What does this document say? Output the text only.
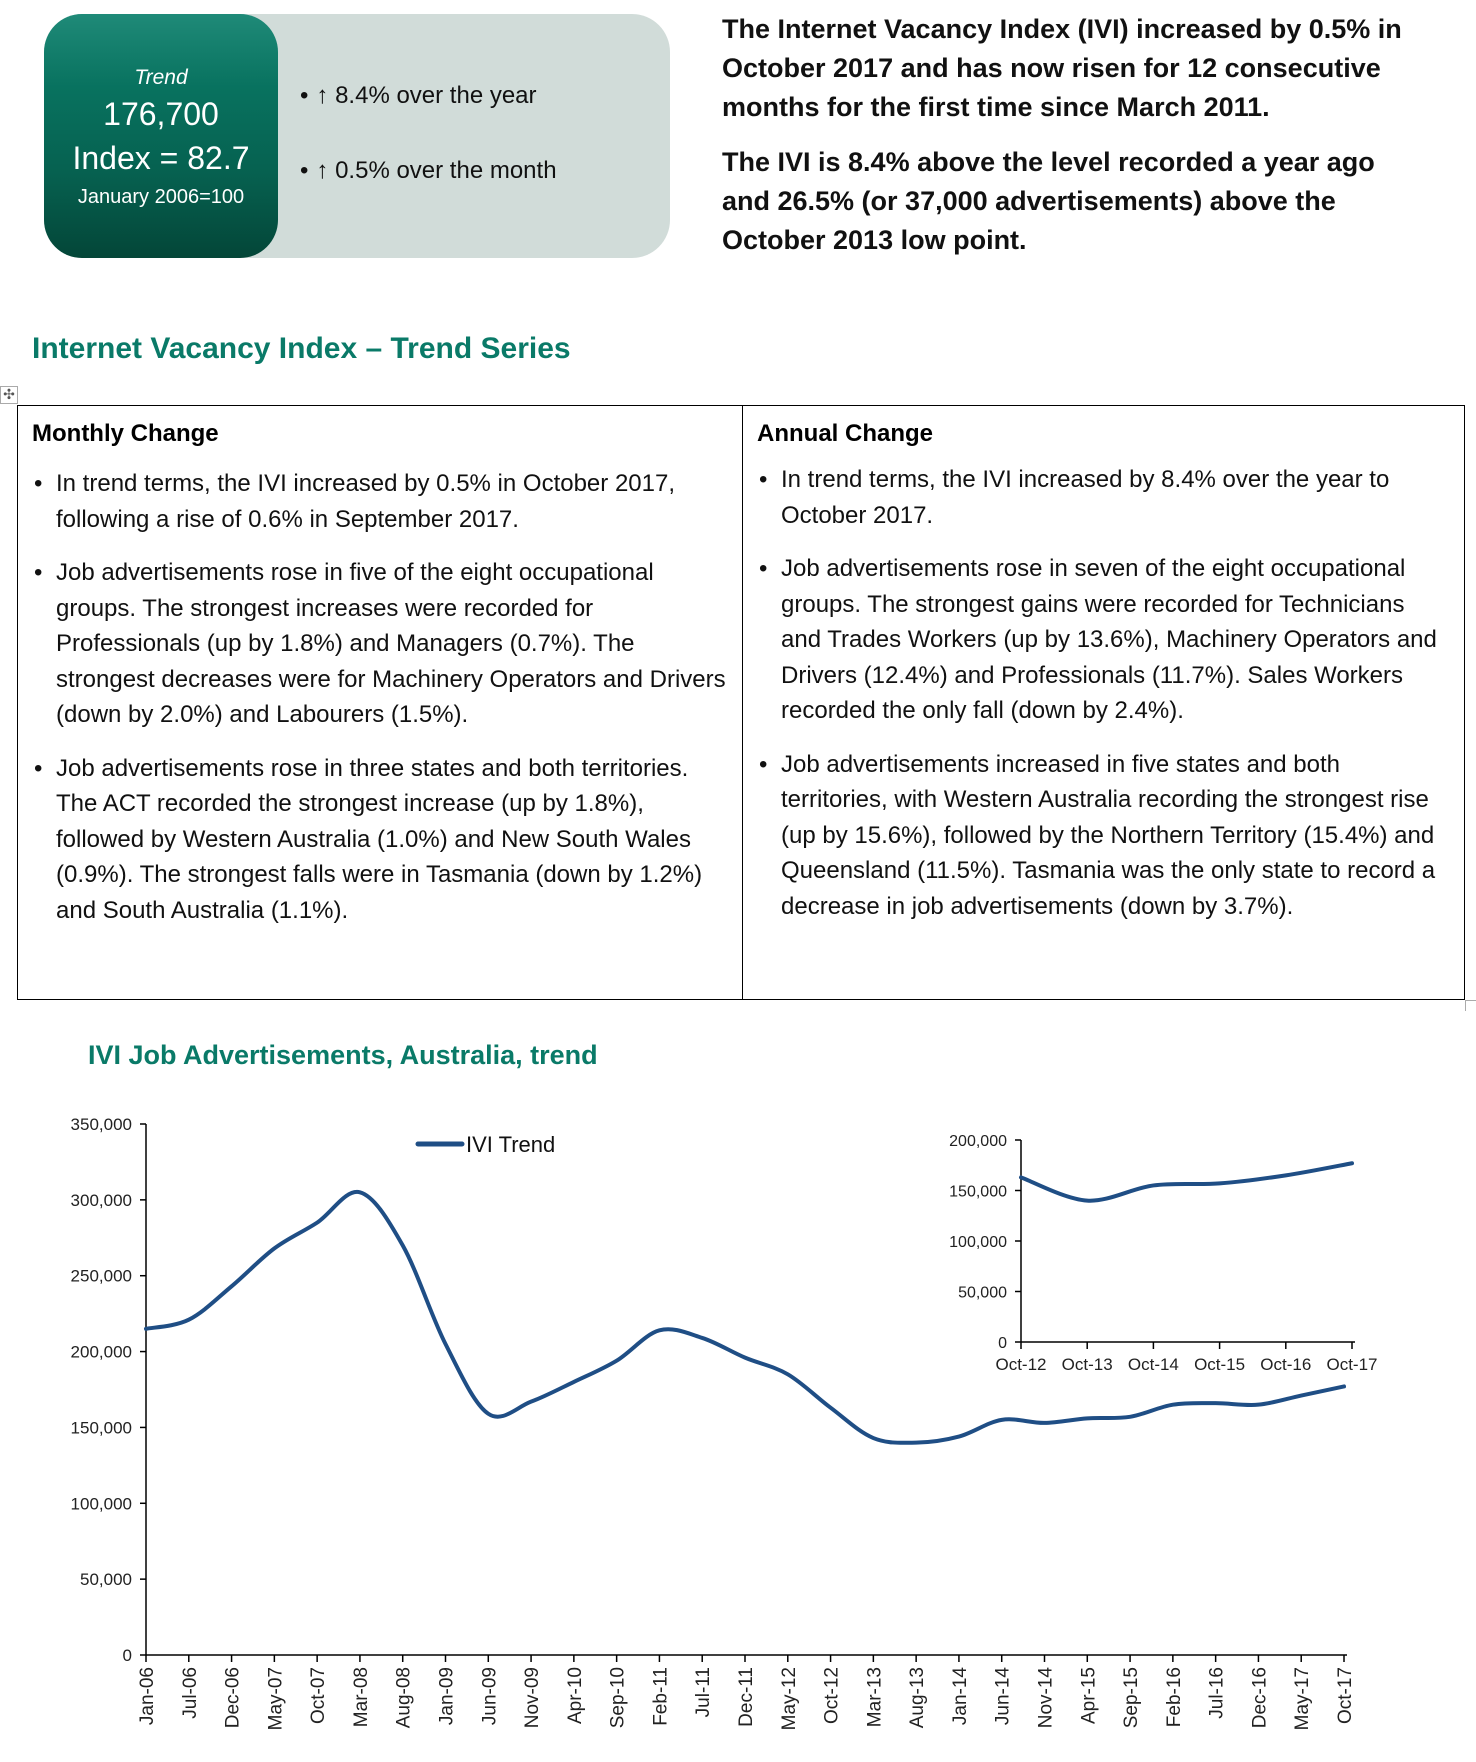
Trend
176,700
Index = 82.7
January 2006=100
• ↑ 8.4% over the year
• ↑ 0.5% over the month

The Internet Vacancy Index (IVI) increased by 0.5% in October 2017 and has now risen for 12 consecutive months for the first time since March 2011.

The IVI is 8.4% above the level recorded a year ago and 26.5% (or 37,000 advertisements) above the October 2013 low point.

Internet Vacancy Index – Trend Series
✣
Monthly Change
• In trend terms, the IVI increased by 0.5% in October 2017, following a rise of 0.6% in September 2017.
• Job advertisements rose in five of the eight occupational groups. The strongest increases were recorded for Professionals (up by 1.8%) and Managers (0.7%). The strongest decreases were for Machinery Operators and Drivers (down by 2.0%) and Labourers (1.5%).
• Job advertisements rose in three states and both territories. The ACT recorded the strongest increase (up by 1.8%), followed by Western Australia (1.0%) and New South Wales (0.9%). The strongest falls were in Tasmania (down by 1.2%) and South Australia (1.1%).
Annual Change
• In trend terms, the IVI increased by 8.4% over the year to October 2017.
• Job advertisements rose in seven of the eight occupational groups. The strongest gains were recorded for Technicians and Trades Workers (up by 13.6%), Machinery Operators and Drivers (12.4%) and Professionals (11.7%). Sales Workers recorded the only fall (down by 2.4%).
• Job advertisements increased in five states and both territories, with Western Australia recording the strongest rise (up by 15.6%), followed by the Northern Territory (15.4%) and Queensland (11.5%). Tasmania was the only state to record a decrease in job advertisements (down by 3.7%).
IVI Job Advertisements, Australia, trend
0
50,000
100,000
150,000
200,000
250,000
300,000
350,000
Jan-06 Jul-06 Dec-06 May-07 Oct-07 Mar-08 Aug-08 Jan-09 Jun-09 Nov-09 Apr-10 Sep-10 Feb-11 Jul-11 Dec-11 May-12 Oct-12 Mar-13 Aug-13 Jan-14 Jun-14 Nov-14 Apr-15 Sep-15 Feb-16 Jul-16 Dec-16 May-17 Oct-17
0
50,000
100,000
150,000
200,000
Oct-12 Oct-13 Oct-14 Oct-15 Oct-16 Oct-17
IVI Trend
